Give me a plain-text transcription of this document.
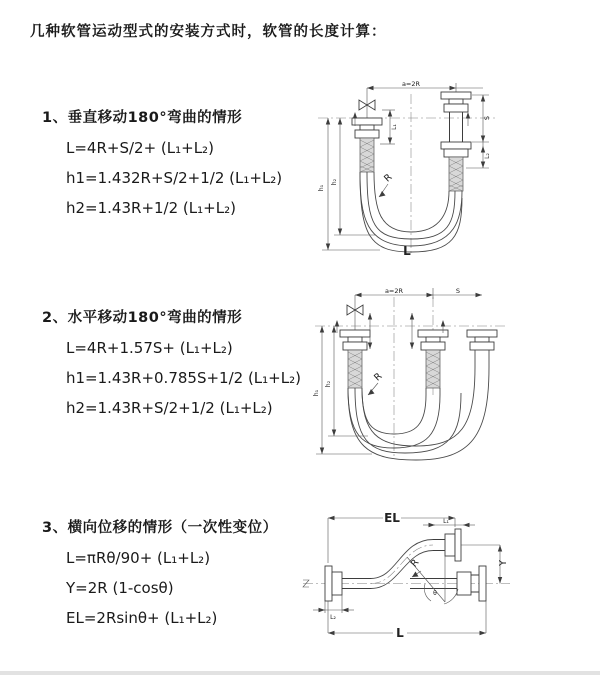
几种软管运动型式的安装方式时，软管的长度计算：

1、垂直移动180°弯曲的情形

L=4R+S/2+ (L₁+L₂)

h1=1.432R+S/2+1/2 (L₁+L₂)

h2=1.43R+1/2 (L₁+L₂)

2、水平移动180°弯曲的情形

L=4R+1.57S+ (L₁+L₂)

h1=1.43R+0.785S+1/2 (L₁+L₂)

h2=1.43R+S/2+1/2 (L₁+L₂)

3、横向位移的情形（一次性变位）

L=πRθ/90+ (L₁+L₂)

Y=2R (1-cosθ)

EL=2Rsinθ+ (L₁+L₂)

a=2R
h₁
h₂
L₁
S
L₂
R
L
a=2R	S
h₁
h₂
R
EL	L₁
θ
R	Y
L₂
L
